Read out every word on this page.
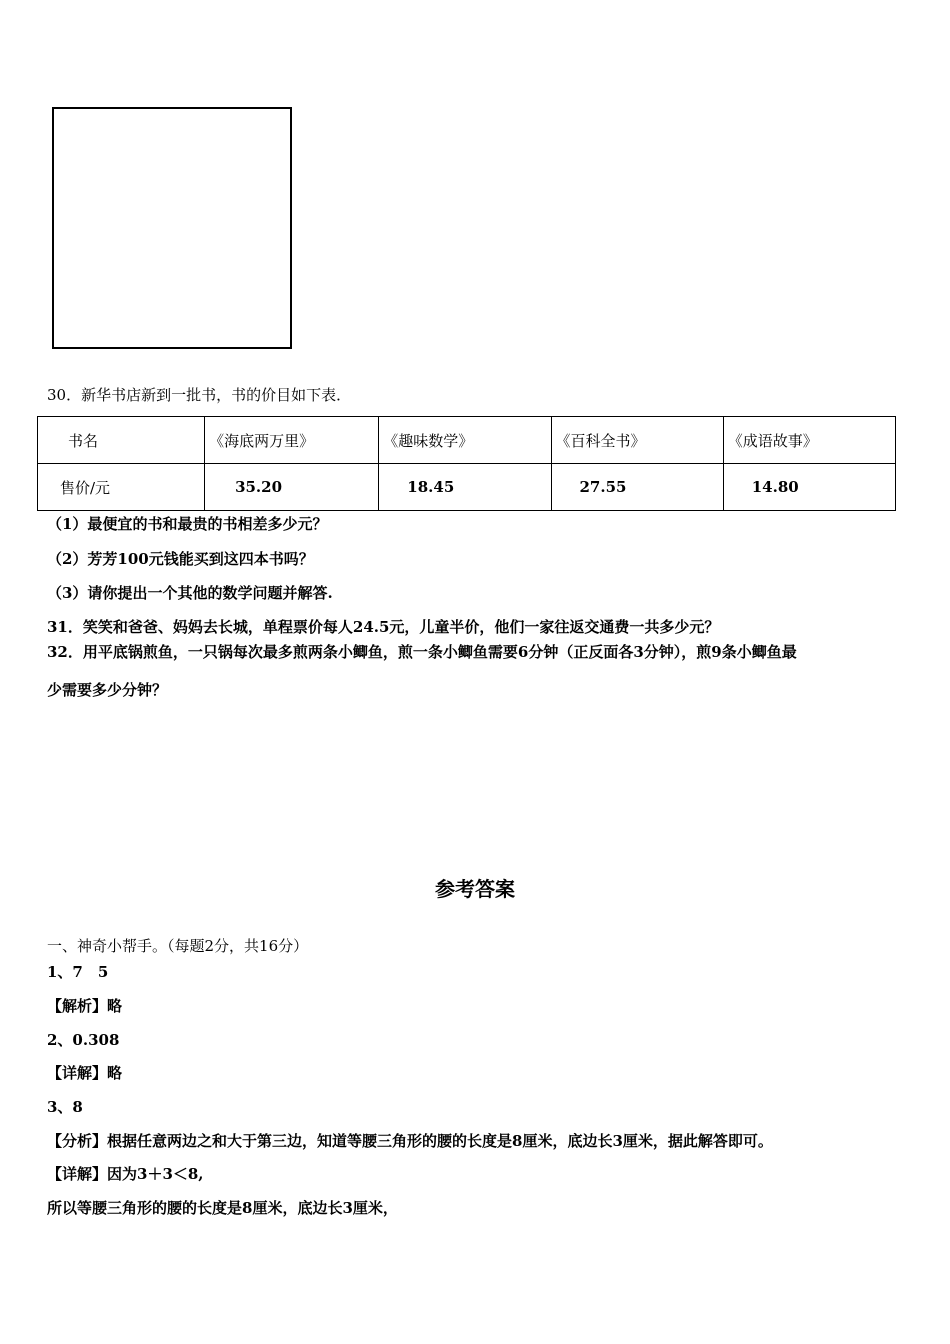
30．新华书店新到一批书，书的价目如下表．
书名	《海底两万里》	《趣味数学》	《百科全书》	《成语故事》
售价/元	35.20	18.45	27.55	14.80
（1）最便宜的书和最贵的书相差多少元？
（2）芳芳100元钱能买到这四本书吗？
（3）请你提出一个其他的数学问题并解答.
31．笑笑和爸爸、妈妈去长城，单程票价每人24.5元，儿童半价，他们一家往返交通费一共多少元？
32．用平底锅煎鱼，一只锅每次最多煎两条小鲫鱼，煎一条小鲫鱼需要6分钟（正反面各3分钟），煎9条小鲫鱼最
少需要多少分钟？
参考答案
一、神奇小帮手。（每题2分，共16分）
1、7　5
【解析】略
2、0.308
【详解】略
3、8
【分析】根据任意两边之和大于第三边，知道等腰三角形的腰的长度是8厘米，底边长3厘米，据此解答即可。
【详解】因为3＋3＜8,
所以等腰三角形的腰的长度是8厘米，底边长3厘米，
